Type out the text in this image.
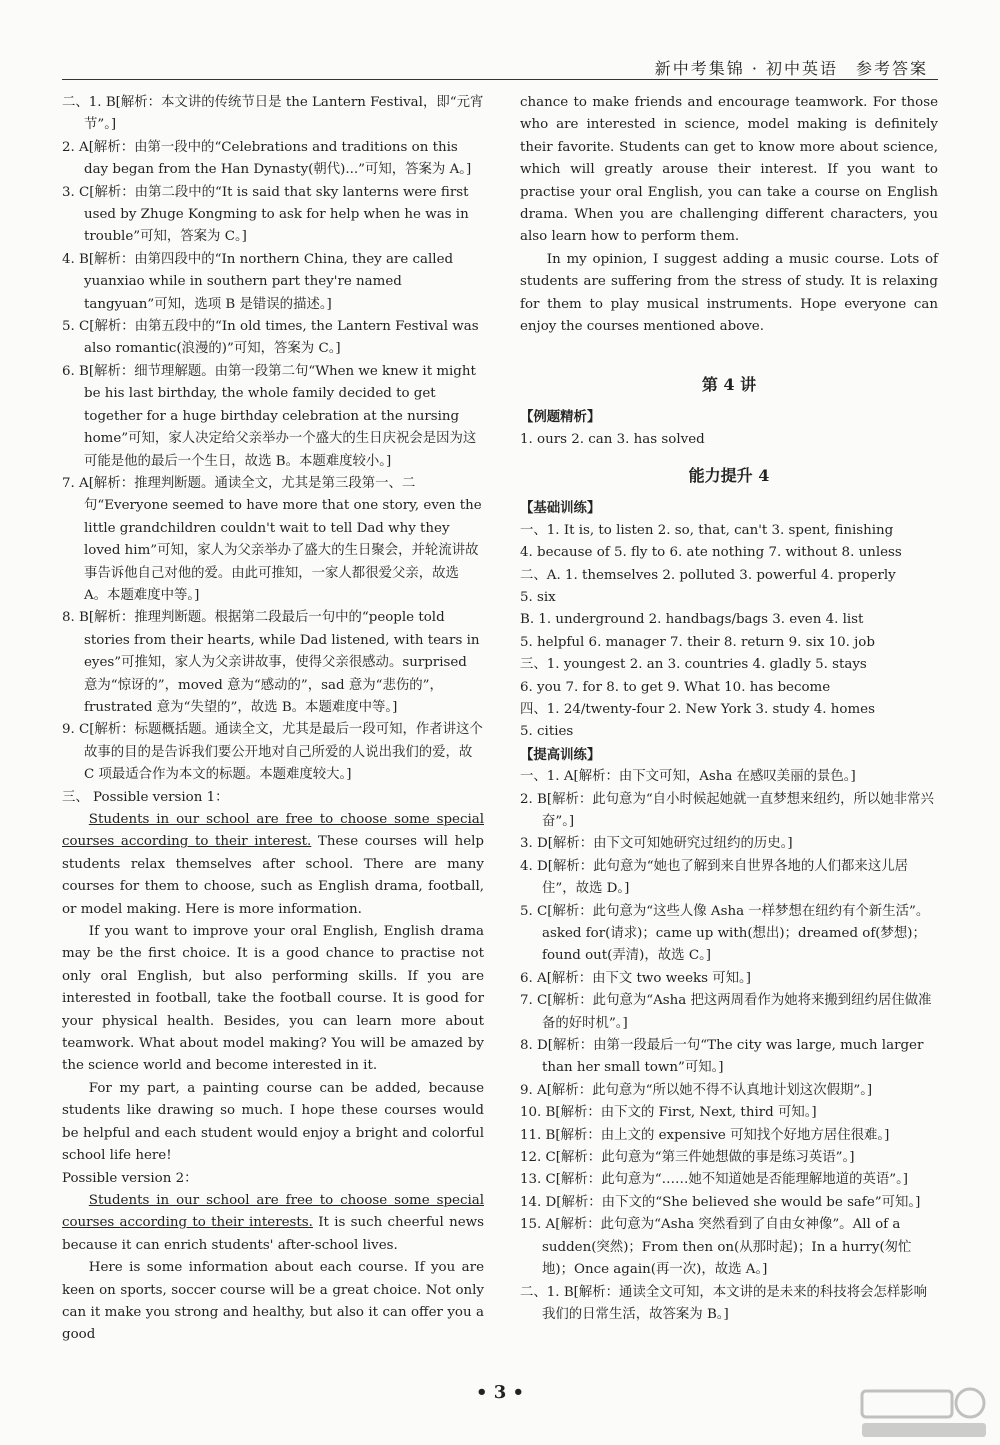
新中考集锦 · 初中英语　参考答案

二、1. B[解析：本文讲的传统节日是 the Lantern Festival，即“元宵节”。]

2. A[解析：由第一段中的“Celebrations and traditions on this day began from the Han Dynasty(朝代)...”可知，答案为 A。]

3. C[解析：由第二段中的“It is said that sky lanterns were first used by Zhuge Kongming to ask for help when he was in trouble”可知，答案为 C。]

4. B[解析：由第四段中的“In northern China, they are called yuanxiao while in southern part they're named tangyuan”可知，选项 B 是错误的描述。]

5. C[解析：由第五段中的“In old times, the Lantern Festival was also romantic(浪漫的)”可知，答案为 C。]

6. B[解析：细节理解题。由第一段第二句“When we knew it might be his last birthday, the whole family decided to get together for a huge birthday celebration at the nursing home”可知，家人决定给父亲举办一个盛大的生日庆祝会是因为这可能是他的最后一个生日，故选 B。本题难度较小。]

7. A[解析：推理判断题。通读全文，尤其是第三段第一、二句“Everyone seemed to have more that one story, even the little grandchildren couldn't wait to tell Dad why they loved him”可知，家人为父亲举办了盛大的生日聚会，并轮流讲故事告诉他自己对他的爱。由此可推知，一家人都很爱父亲，故选 A。本题难度中等。]

8. B[解析：推理判断题。根据第二段最后一句中的“people told stories from their hearts, while Dad listened, with tears in eyes”可推知，家人为父亲讲故事，使得父亲很感动。surprised 意为“惊讶的”，moved 意为“感动的”，sad 意为“悲伤的”，frustrated 意为“失望的”，故选 B。本题难度中等。]

9. C[解析：标题概括题。通读全文，尤其是最后一段可知，作者讲这个故事的目的是告诉我们要公开地对自己所爱的人说出我们的爱，故 C 项最适合作为本文的标题。本题难度较大。]

三、 Possible version 1：

Students in our school are free to choose some special courses according to their interest. These courses will help students relax themselves after school. There are many courses for them to choose, such as English drama, football, or model making. Here is more information.

If you want to improve your oral English, English drama may be the first choice. It is a good chance to practise not only oral English, but also performing skills. If you are interested in football, take the football course. It is good for your physical health. Besides, you can learn more about teamwork. What about model making? You will be amazed by the science world and become interested in it.

For my part, a painting course can be added, because students like drawing so much. I hope these courses would be helpful and each student would enjoy a bright and colorful school life here!

Possible version 2：

Students in our school are free to choose some special courses according to their interests. It is such cheerful news because it can enrich students' after-school lives.

Here is some information about each course. If you are keen on sports, soccer course will be a great choice. Not only can it make you strong and healthy, but also it can offer you a good

chance to make friends and encourage teamwork. For those who are interested in science, model making is definitely their favorite. Students can get to know more about science, which will greatly arouse their interest. If you want to practise your oral English, you can take a course on English drama. When you are challenging different characters, you also learn how to perform them.

In my opinion, I suggest adding a music course. Lots of students are suffering from the stress of study. It is relaxing for them to play musical instruments. Hope everyone can enjoy the courses mentioned above.

第 4 讲

【例题精析】

1. ours 2. can 3. has solved

能力提升 4

【基础训练】

一、1. It is, to listen 2. so, that, can't 3. spent, finishing

4. because of 5. fly to 6. ate nothing 7. without 8. unless

二、A. 1. themselves 2. polluted 3. powerful 4. properly

5. six

B. 1. underground 2. handbags/bags 3. even 4. list

5. helpful 6. manager 7. their 8. return 9. six 10. job

三、1. youngest 2. an 3. countries 4. gladly 5. stays

6. you 7. for 8. to get 9. What 10. has become

四、1. 24/twenty-four 2. New York 3. study 4. homes

5. cities

【提高训练】

一、1. A[解析：由下文可知，Asha 在感叹美丽的景色。]

2. B[解析：此句意为“自小时候起她就一直梦想来纽约，所以她非常兴奋”。]

3. D[解析：由下文可知她研究过纽约的历史。]

4. D[解析：此句意为“她也了解到来自世界各地的人们都来这儿居住”，故选 D。]

5. C[解析：此句意为“这些人像 Asha 一样梦想在纽约有个新生活”。asked for(请求)；came up with(想出)；dreamed of(梦想)；found out(弄清)，故选 C。]

6. A[解析：由下文 two weeks 可知。]

7. C[解析：此句意为“Asha 把这两周看作为她将来搬到纽约居住做准备的好时机”。]

8. D[解析：由第一段最后一句“The city was large, much larger than her small town”可知。]

9. A[解析：此句意为“所以她不得不认真地计划这次假期”。]

10. B[解析：由下文的 First, Next, third 可知。]

11. B[解析：由上文的 expensive 可知找个好地方居住很难。]

12. C[解析：此句意为“第三件她想做的事是练习英语”。]

13. C[解析：此句意为“……她不知道她是否能理解地道的英语”。]

14. D[解析：由下文的“She believed she would be safe”可知。]

15. A[解析：此句意为“Asha 突然看到了自由女神像”。All of a sudden(突然)；From then on(从那时起)；In a hurry(匆忙地)；Once again(再一次)，故选 A。]

二、1. B[解析：通读全文可知，本文讲的是未来的科技将会怎样影响我们的日常生活，故答案为 B。]

• 3 •
